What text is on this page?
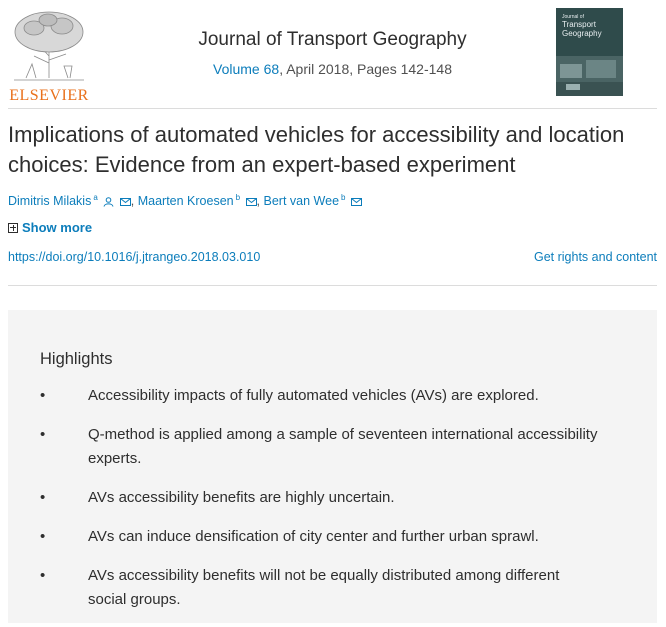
ELSEVIER
Journal of Transport Geography
Volume 68, April 2018, Pages 142-148
Journal of
Transport
Geography
Implications of automated vehicles for accessibility and location choices: Evidence from an expert-based experiment
Dimitris Milakis $^a$	, Maarten Kroesen $^b$ , Bert van Wee $^b$
Show more
https://doi.org/10.1016/j.jtrangeo.2018.03.010	Get rights and content
Highlights
•	Accessibility impacts of fully automated vehicles (AVs) are explored.
•	Q-method is applied among a sample of seventeen international accessibility experts.
•	AVs accessibility benefits are highly uncertain.
•	AVs can induce densification of city center and further urban sprawl.
•	AVs accessibility benefits will not be equally distributed among different social groups.
